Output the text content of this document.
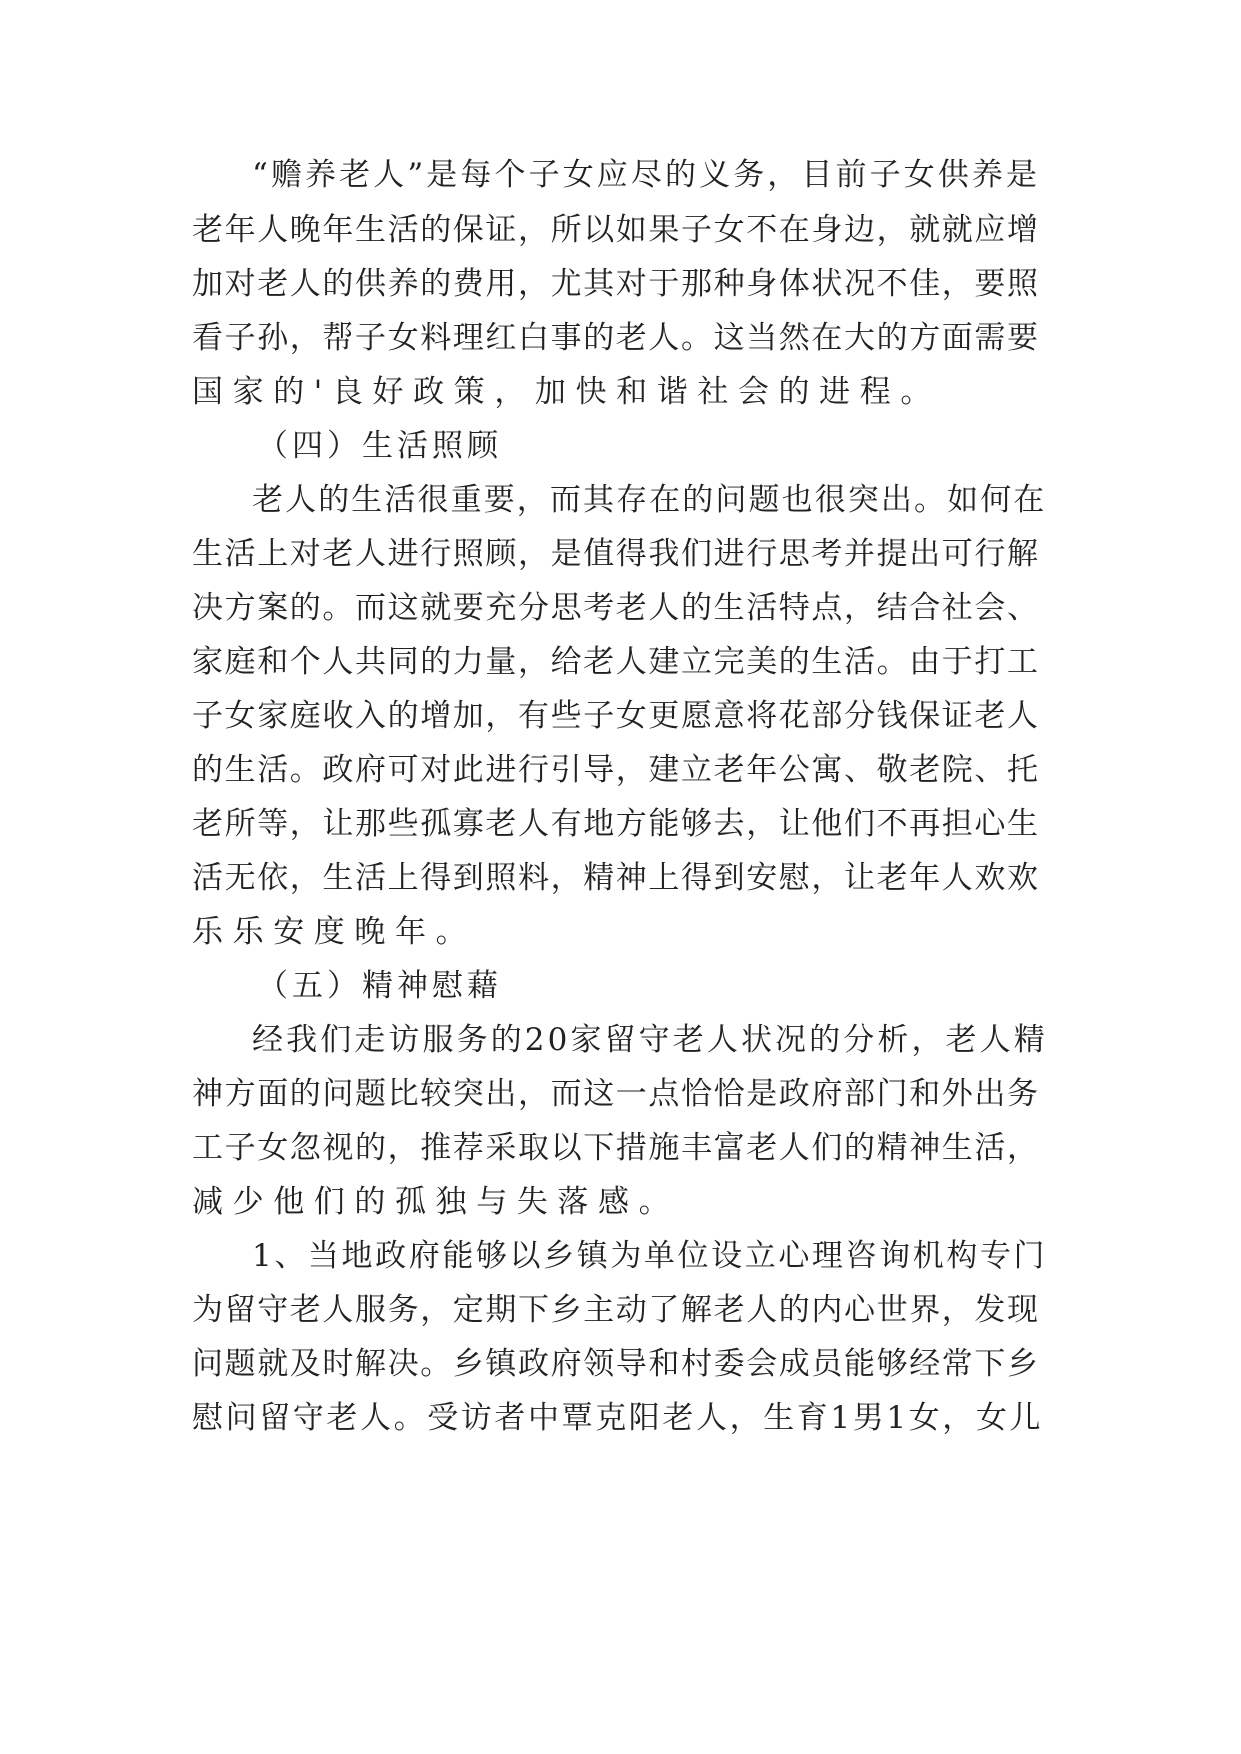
“赡养老人”是每个子女应尽的义务，目前子女供养是
老年人晚年生活的保证，所以如果子女不在身边，就就应增
加对老人的供养的费用，尤其对于那种身体状况不佳，要照
看子孙，帮子女料理红白事的老人。这当然在大的方面需要
国家的'良好政策，加快和谐社会的进程。
（四）生活照顾
老人的生活很重要，而其存在的问题也很突出。如何在
生活上对老人进行照顾，是值得我们进行思考并提出可行解
决方案的。而这就要充分思考老人的生活特点，结合社会、
家庭和个人共同的力量，给老人建立完美的生活。由于打工
子女家庭收入的增加，有些子女更愿意将花部分钱保证老人
的生活。政府可对此进行引导，建立老年公寓、敬老院、托
老所等，让那些孤寡老人有地方能够去，让他们不再担心生
活无依，生活上得到照料，精神上得到安慰，让老年人欢欢
乐乐安度晚年。
（五）精神慰藉
经我们走访服务的20家留守老人状况的分析，老人精
神方面的问题比较突出，而这一点恰恰是政府部门和外出务
工子女忽视的，推荐采取以下措施丰富老人们的精神生活，
减少他们的孤独与失落感。
1、当地政府能够以乡镇为单位设立心理咨询机构专门
为留守老人服务，定期下乡主动了解老人的内心世界，发现
问题就及时解决。乡镇政府领导和村委会成员能够经常下乡
慰问留守老人。受访者中覃克阳老人，生育1男1女，女儿
